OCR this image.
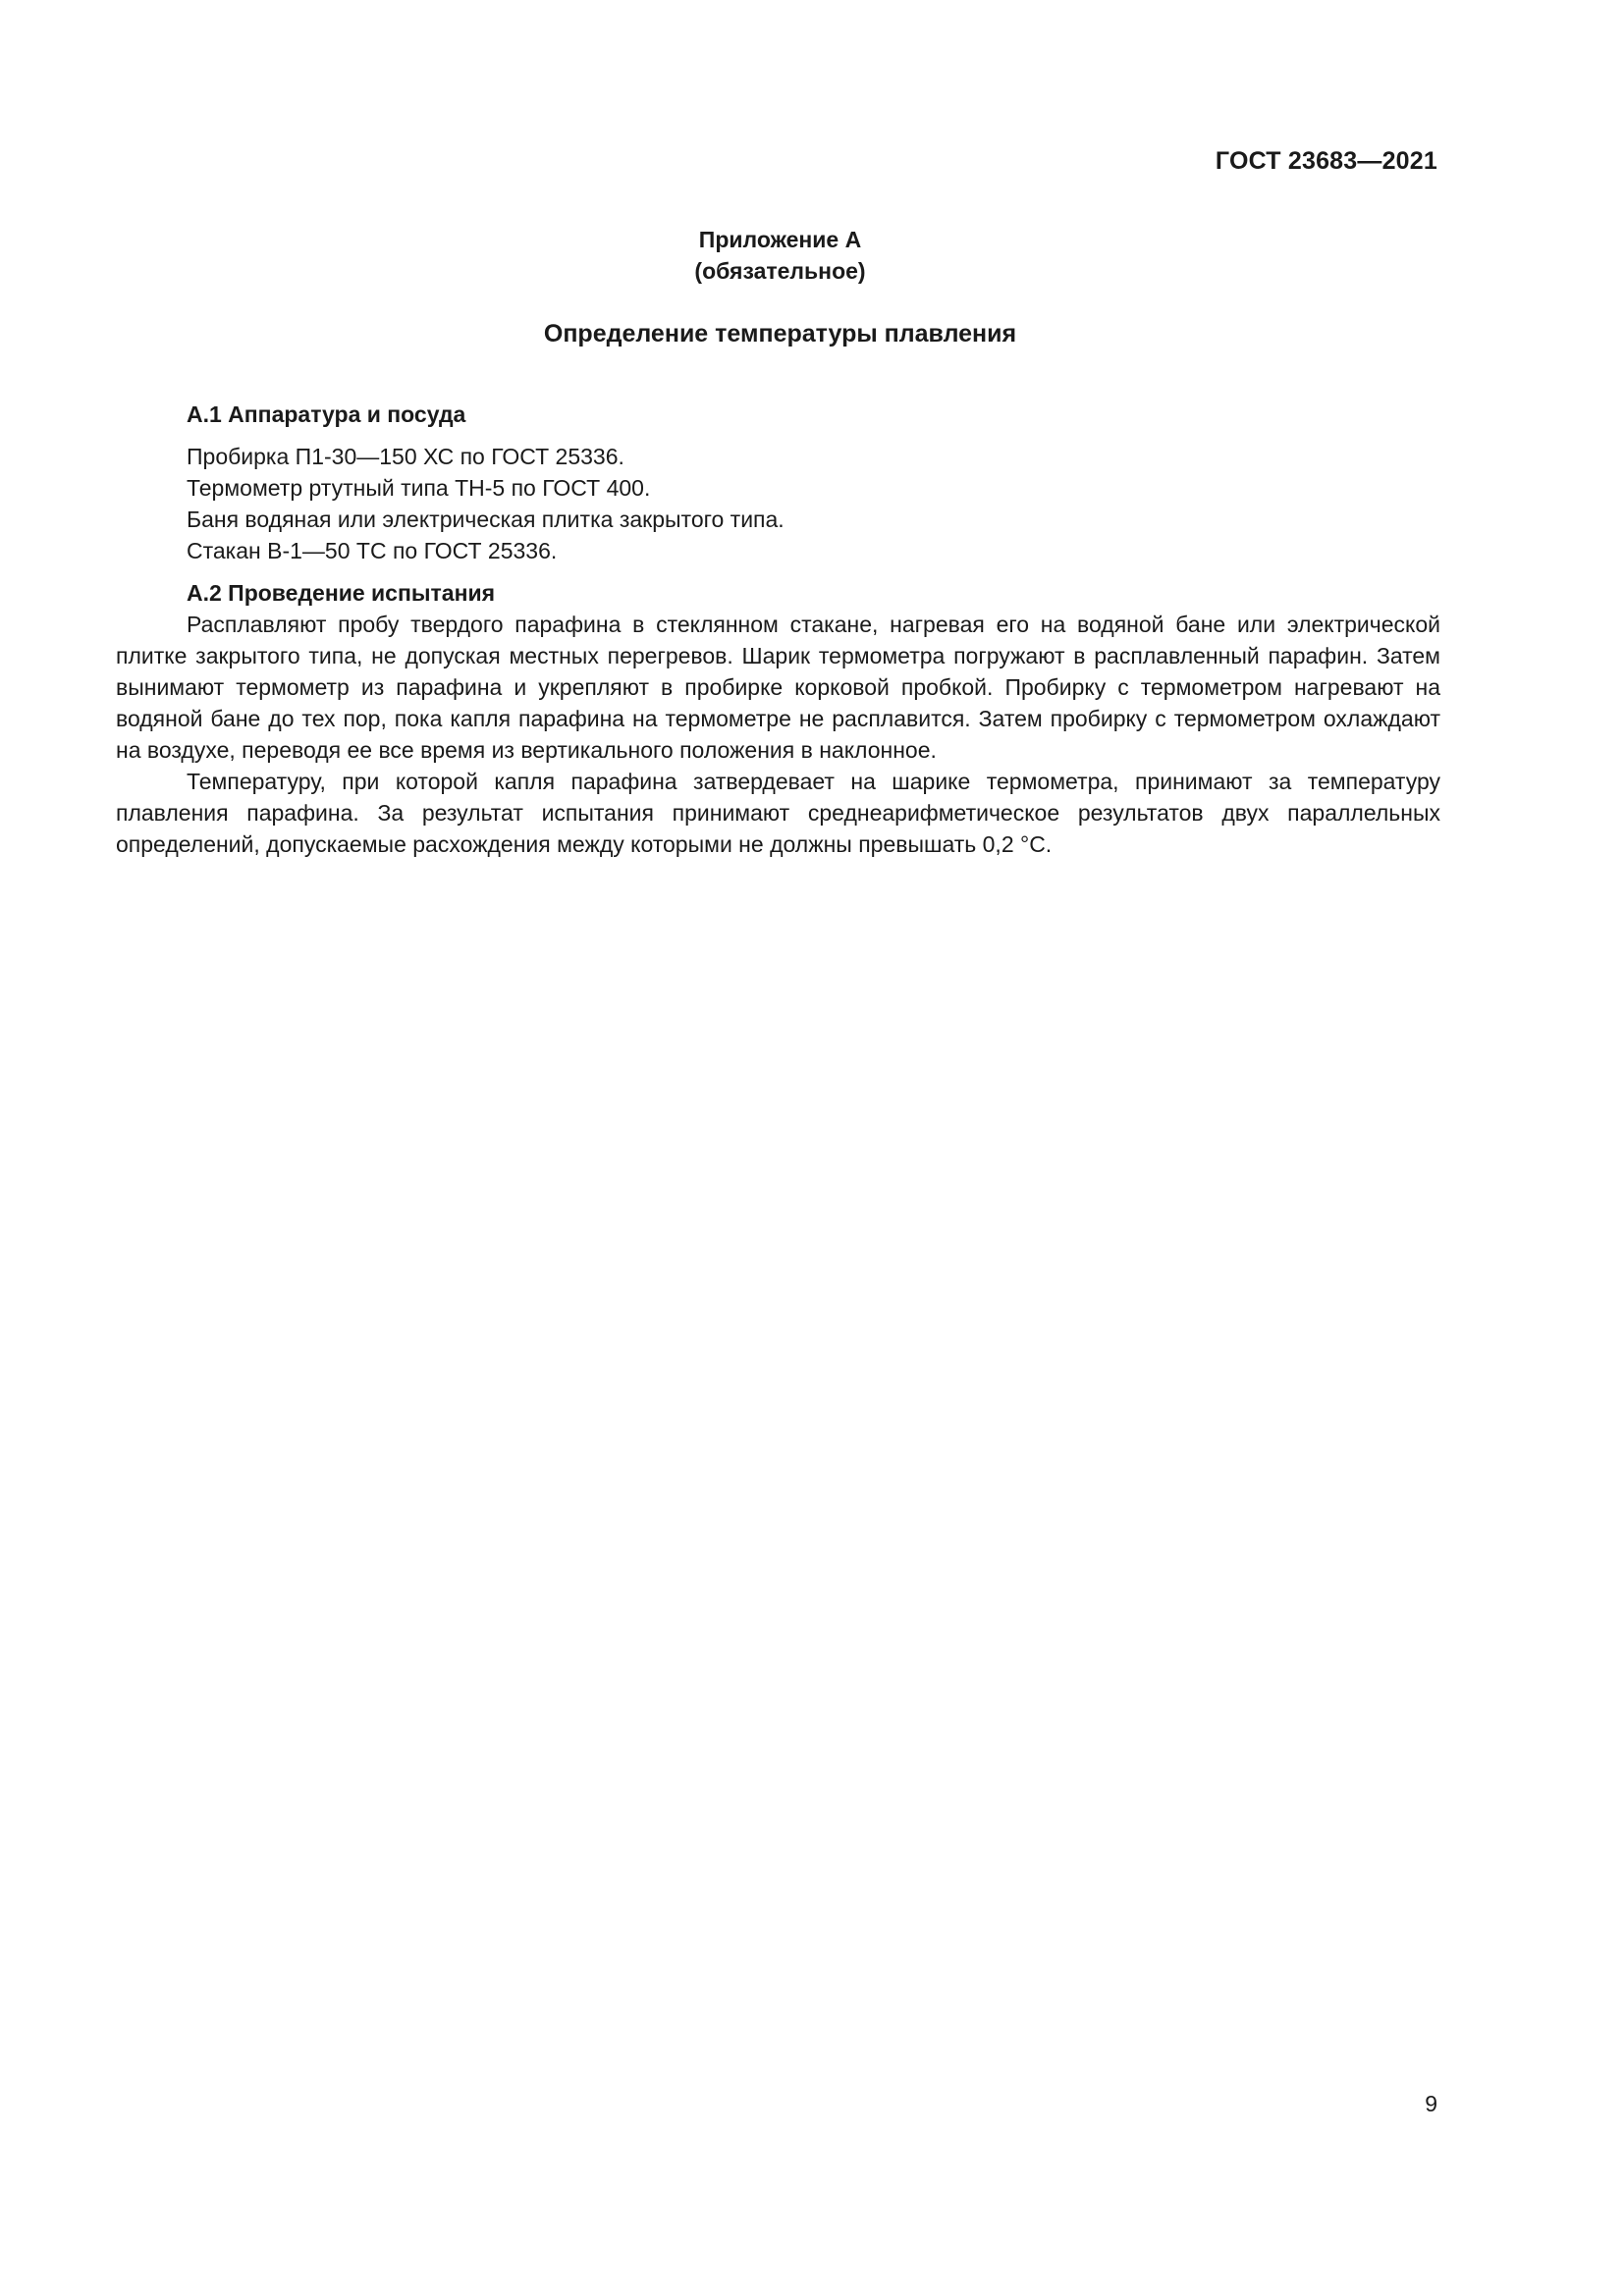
ГОСТ 23683—2021
Приложение А
(обязательное)
Определение температуры плавления
А.1 Аппаратура и посуда
Пробирка П1-30—150 ХС по ГОСТ 25336.
Термометр ртутный типа ТН-5 по ГОСТ 400.
Баня водяная или электрическая плитка закрытого типа.
Стакан В-1—50 ТС по ГОСТ 25336.
А.2 Проведение испытания

Расплавляют пробу твердого парафина в стеклянном стакане, нагревая его на водяной бане или электрической плитке закрытого типа, не допуская местных перегревов. Шарик термометра погружают в расплавленный парафин. Затем вынимают термометр из парафина и укрепляют в пробирке корковой пробкой. Пробирку с термометром нагревают на водяной бане до тех пор, пока капля парафина на термометре не расплавится. Затем пробирку с термометром охлаждают на воздухе, переводя ее все время из вертикального положения в наклонное.

Температуру, при которой капля парафина затвердевает на шарике термометра, принимают за температуру плавления парафина. За результат испытания принимают среднеарифметическое результатов двух параллельных определений, допускаемые расхождения между которыми не должны превышать 0,2 °С.

9
